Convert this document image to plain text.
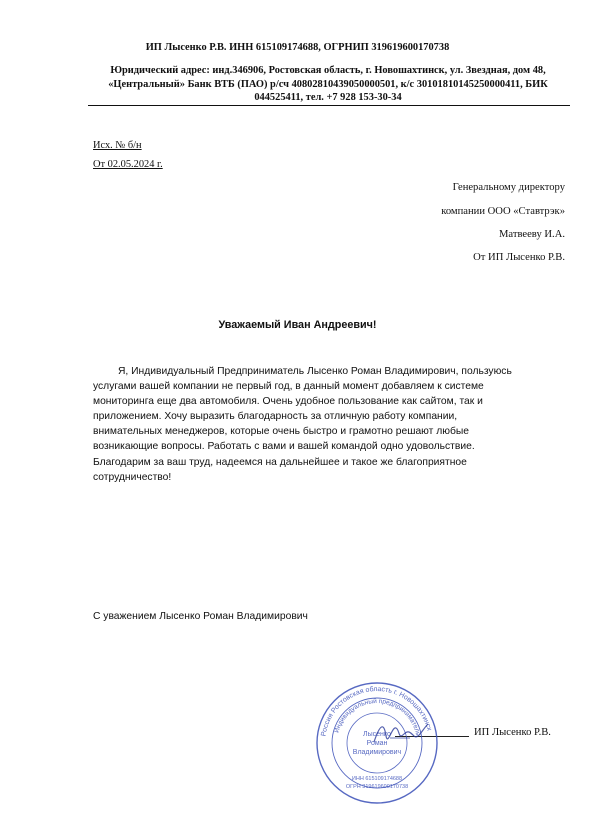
ИП Лысенко Р.В. ИНН 615109174688, ОГРНИП 319619600170738
Юридический адрес: инд.346906, Ростовская область, г. Новошахтинск, ул. Звездная, дом 48,
«Центральный» Банк ВТБ (ПАО) р/сч 40802810439050000501, к/с 30101810145250000411, БИК
044525411, тел. +7 928 153-30-34
Исх. № б/н
От 02.05.2024 г.
Генеральному директору
компании ООО «Ставтрэк»
Матвееву И.А.
От ИП Лысенко Р.В.
Уважаемый Иван Андреевич!
Я, Индивидуальный Предприниматель Лысенко Роман Владимирович, пользуюсь
услугами вашей компании не первый год, в данный момент добавляем к системе
мониторинга еще два автомобиля. Очень удобное пользование как сайтом, так и
приложением. Хочу выразить благодарность за отличную работу компании,
внимательных менеджеров, которые очень быстро и грамотно решают любые
возникающие вопросы. Работать с вами и вашей командой одно удовольствие.
Благодарим за ваш труд, надеемся на дальнейшее и такое же благоприятное
сотрудничество!
С уважением Лысенко Роман Владимирович
ИП Лысенко Р.В.
Россия Ростовская область г. Новошахтинск
Индивидуальный предприниматель
Лысенко
Роман
Владимирович
ИНН 615109174688
ОГРН 319619600170738
